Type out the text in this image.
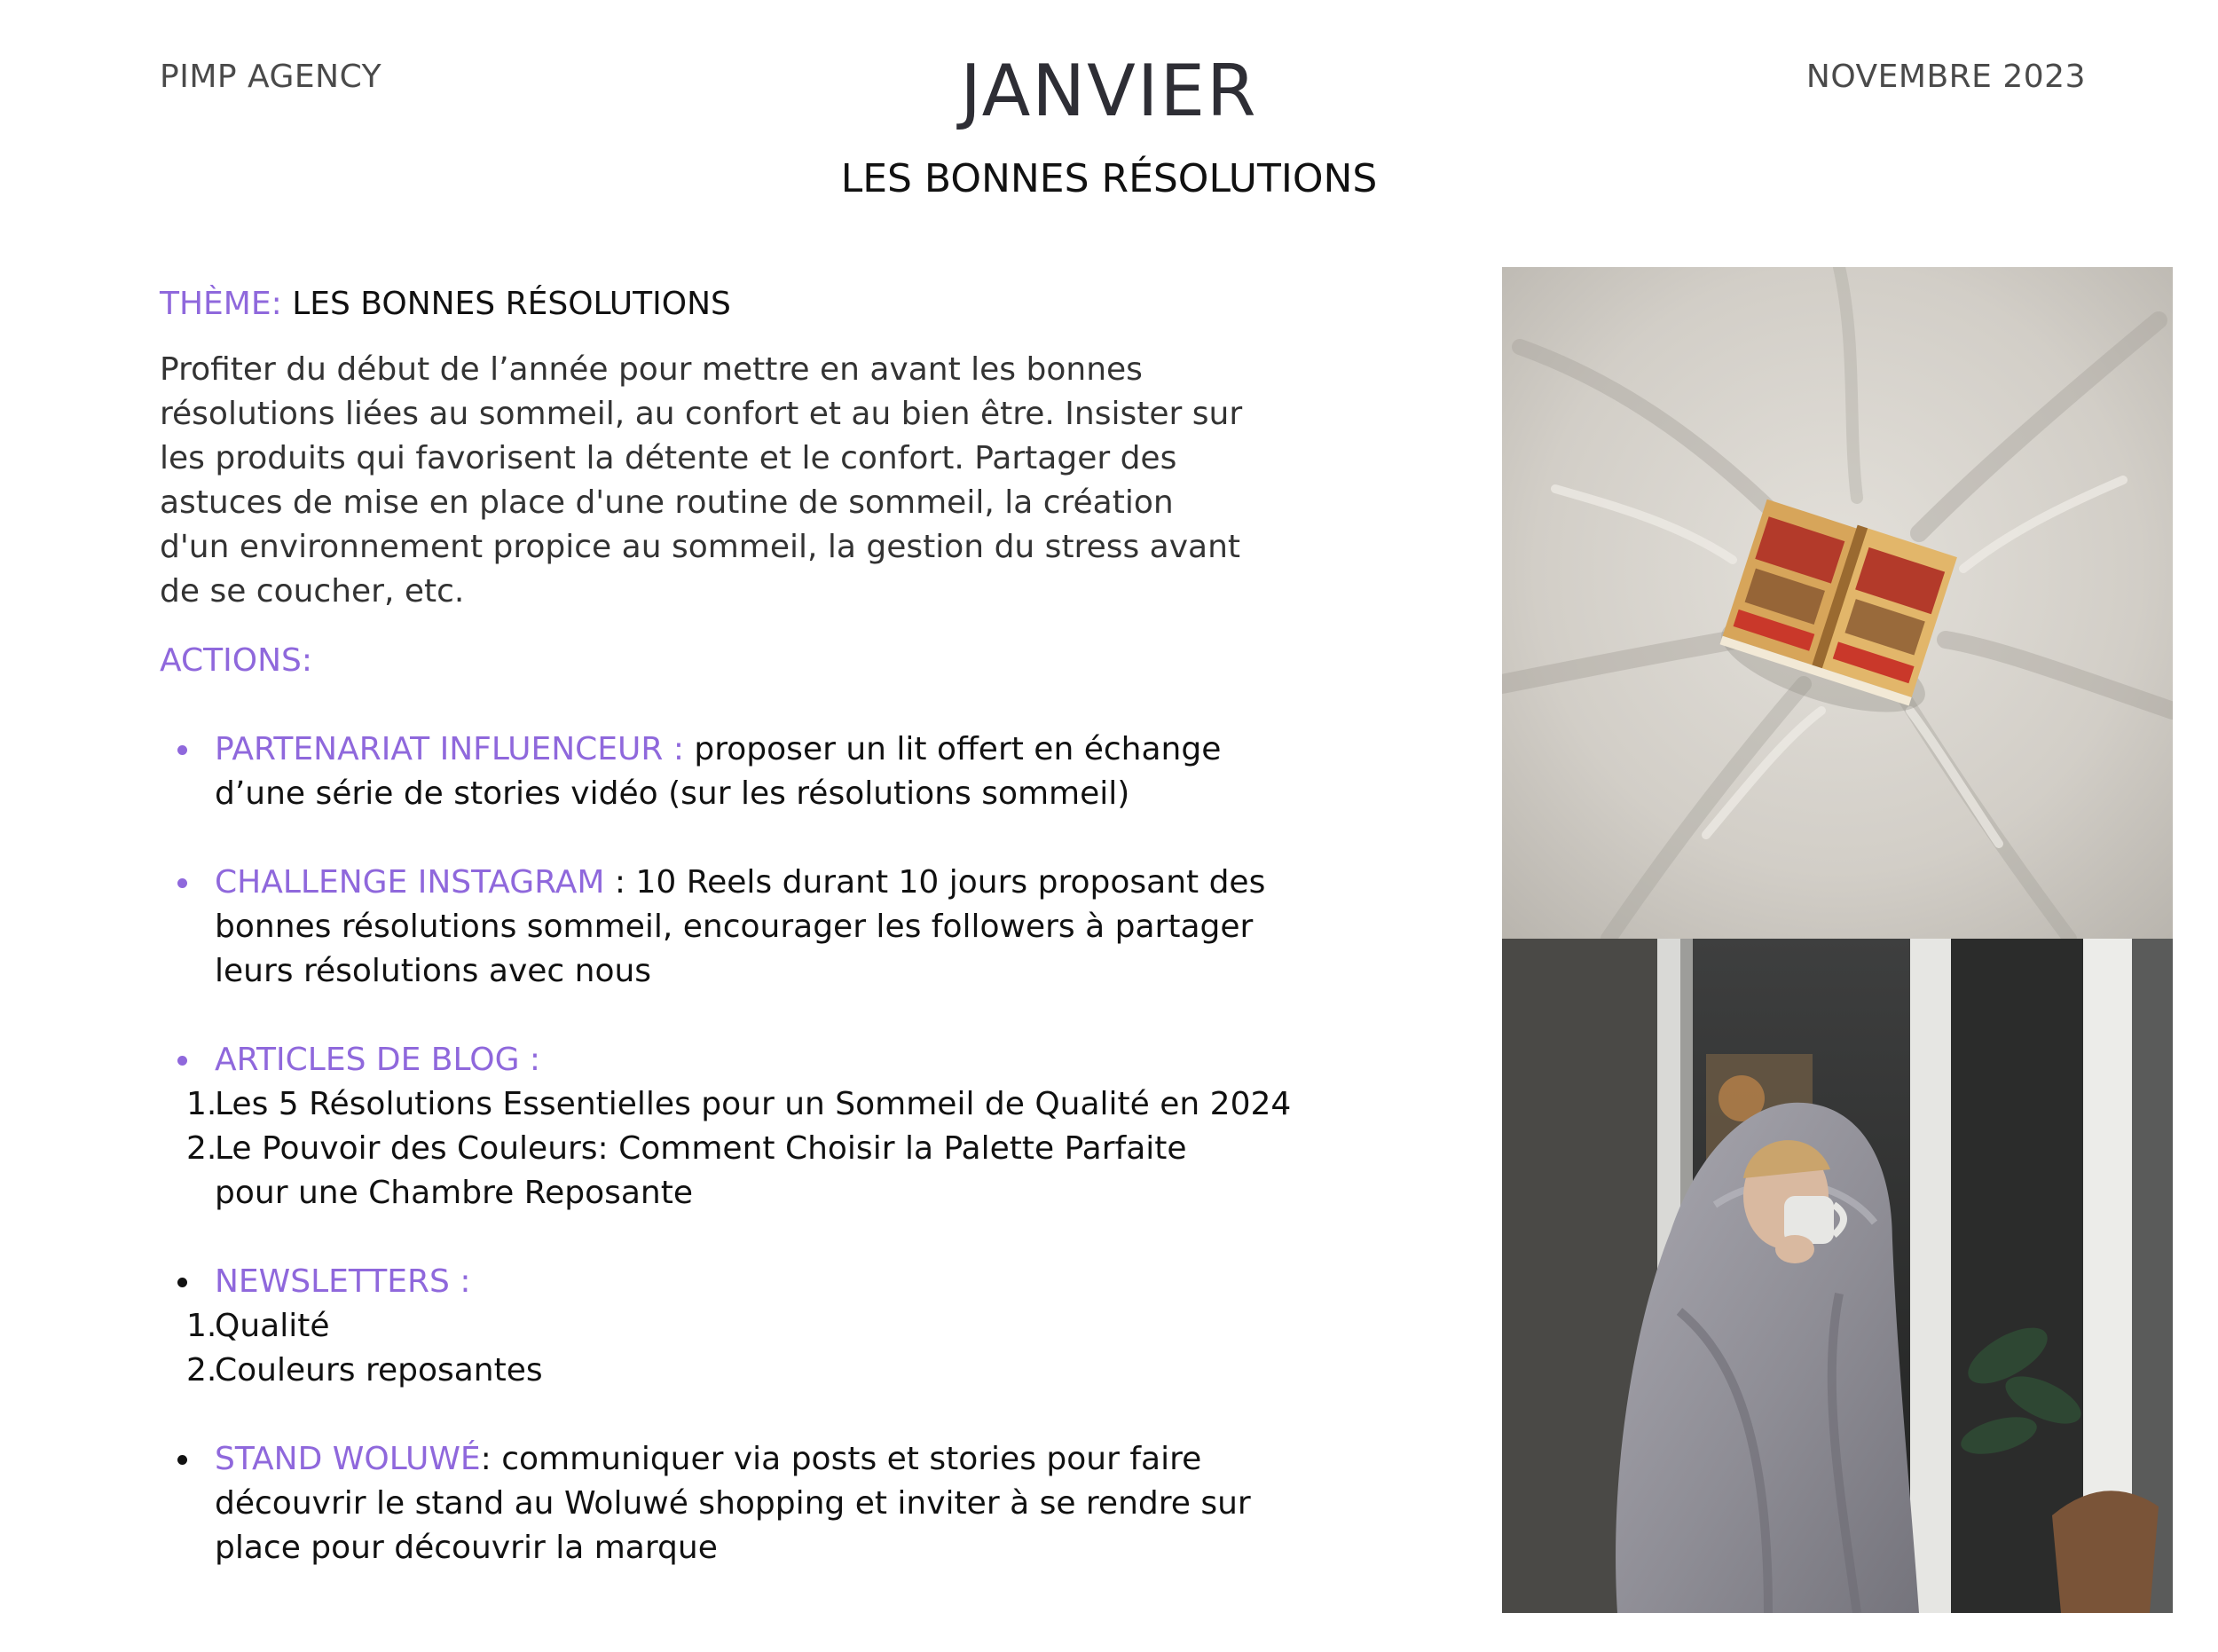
PIMP AGENCY	JANVIER	NOVEMBRE 2023
LES BONNES RÉSOLUTIONS
THÈME: LES BONNES RÉSOLUTIONS
Profiter du début de l’année pour mettre en avant les bonnes
résolutions liées au sommeil, au confort et au bien être. Insister sur
les produits qui favorisent la détente et le confort. Partager des
astuces de mise en place d'une routine de sommeil, la création
d'un environnement propice au sommeil, la gestion du stress avant
de se coucher, etc.
ACTIONS:
PARTENARIAT INFLUENCEUR : proposer un lit offert en échange
d’une série de stories vidéo (sur les résolutions sommeil)
CHALLENGE INSTAGRAM : 10 Reels durant 10 jours proposant des
bonnes résolutions sommeil, encourager les followers à partager
leurs résolutions avec nous
ARTICLES DE BLOG :
1.
Les 5 Résolutions Essentielles pour un Sommeil de Qualité en 2024
2.
Le Pouvoir des Couleurs: Comment Choisir la Palette Parfaite
pour une Chambre Reposante
NEWSLETTERS :
1.
Qualité
2.
Couleurs reposantes
STAND WOLUWÉ: communiquer via posts et stories pour faire
découvrir le stand au Woluwé shopping et inviter à se rendre sur
place pour découvrir la marque
